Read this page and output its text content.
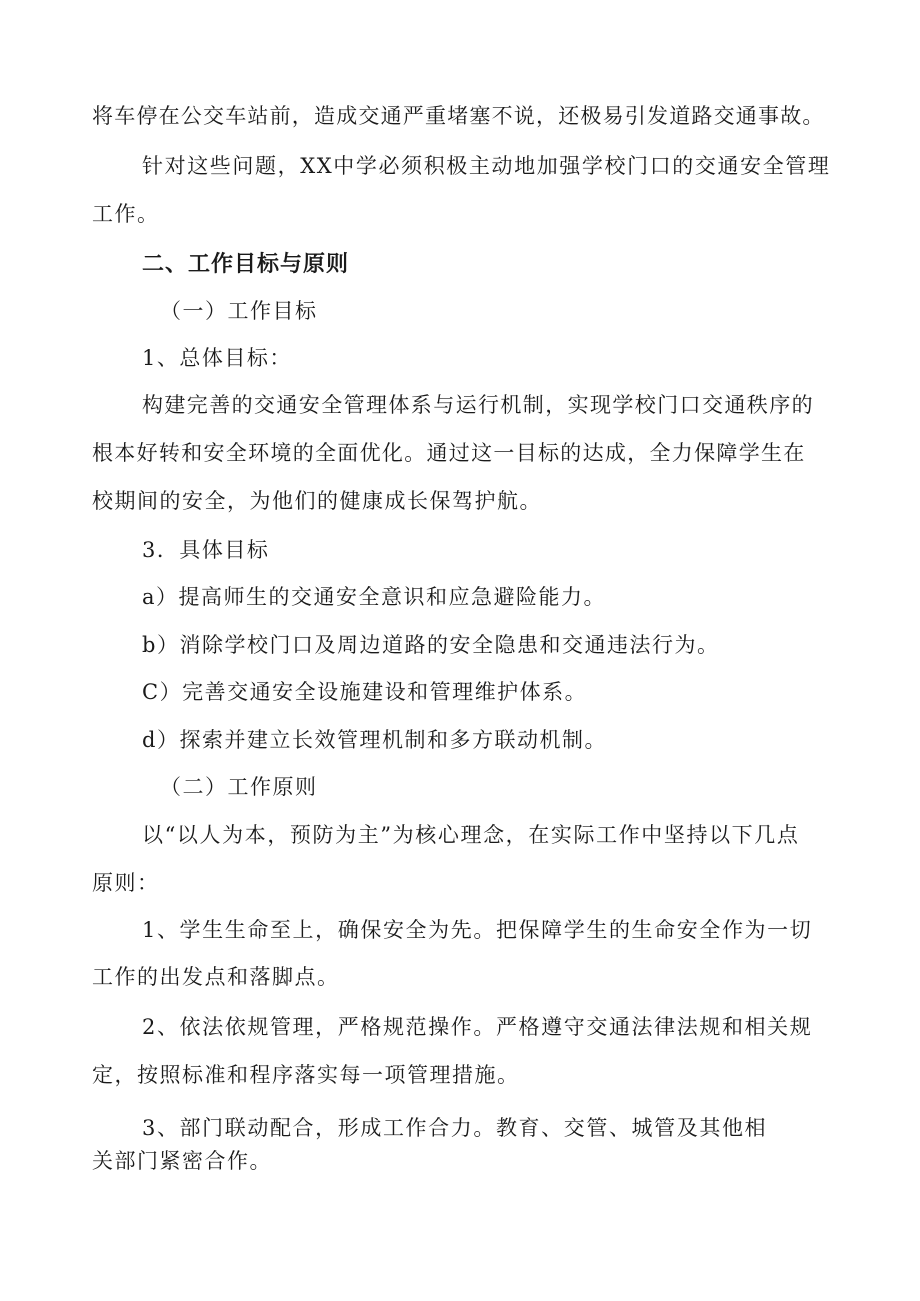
将车停在公交车站前，造成交通严重堵塞不说，还极易引发道路交通事故。
针对这些问题，XX中学必须积极主动地加强学校门口的交通安全管理
工作。
二、工作目标与原则
（一）工作目标
1、总体目标：
构建完善的交通安全管理体系与运行机制，实现学校门口交通秩序的
根本好转和安全环境的全面优化。通过这一目标的达成，全力保障学生在
校期间的安全，为他们的健康成长保驾护航。
3．具体目标
a）提高师生的交通安全意识和应急避险能力。
b）消除学校门口及周边道路的安全隐患和交通违法行为。
C）完善交通安全设施建设和管理维护体系。
d）探索并建立长效管理机制和多方联动机制。
（二）工作原则
以“以人为本，预防为主”为核心理念，在实际工作中坚持以下几点
原则：
1、学生生命至上，确保安全为先。把保障学生的生命安全作为一切
工作的出发点和落脚点。
2、依法依规管理，严格规范操作。严格遵守交通法律法规和相关规
定，按照标准和程序落实每一项管理措施。
3、部门联动配合，形成工作合力。教育、交管、城管及其他相
关部门紧密合作。
